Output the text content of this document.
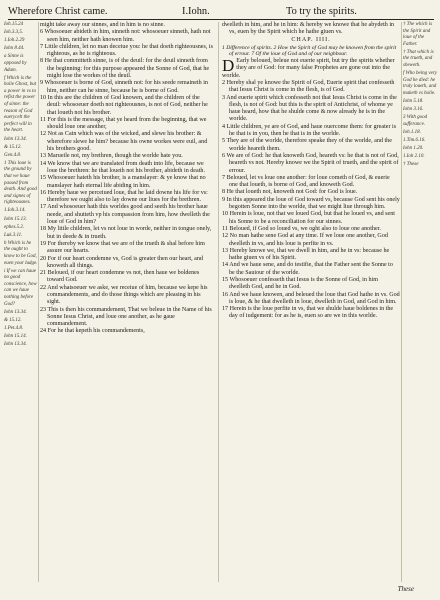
Wherefore Christ came.	I.Iohn.	To try the spirits.

Ioh.15.24

Ioh.3.3,5.

1.Ioh.2.29

Iohn 8.44.

a Sinne is opposed by Adam.

f Which is the holie Ghost, but a power in vs to refist the power of sinne: the reason of God euerycelt the perfect will in the heart.

Iohn 13.34.

& 15.12.

Gen.4.8.

1 This loue is the ground by that we haue passed from death. And good and signes of righteousnes.

1.Ioh.3.14.

Iohn 15.13.

ephes.5.2.

Luk.3.11.

h Which is he the ought to know to be God, euen your ludge.

i If we can haue no good conscience, how can we haue nothing before God?

Iohn 13.34.

& 15.12.

1.Pet.4.8.

Iohn 15.14.

Iohn 13.34.

might take away our sinnes, and in him is no sinne.

6 Whosoeuer abideth in him, sinneth not: whosoeuer sinneth, hath not seen him, neither hath knowen him.

7 Little children, let no man deceiue you: he that doeth righteousnes, is righteous, as he is righteous.

8 He that committeth sinne, is of the deuil: for the deuil sinneth from the beginning: for this purpose appeared the Sonne of God, that he might lose the workes of the deuil.

9 Whosoeuer is borne of God, sinneth not: for his seede remaineth in him, neither can he sinne, because he is borne of God.

10 In this are the children of God knowen, and the children of the deuil: whosoeuer doeth not righteousnes, is not of God, neither he that loueth not his brother.

11 For this is the message, that ye heard from the beginning, that we should loue one another,

12 Not as Cain which was of the wicked, and slewe his brother: & wherefore slewe he him? because his owne workes were euil, and his brothers good.

13 Marueile not, my brethren, though the worlde hate you.

14 We know that we are translated from death into life, because we loue the brethren: he that loueth not his brother, abideth in death.

15 Whosoeuer hateth his brother, is a manslayer: & ye know that no manslayer hath eternal life abiding in him.

16 Hereby haue we perceiued loue, that he laid downe his life for vs: therefore we ought also to lay downe our liues for the brethren.

17 And whosoeuer hath this worldes good and seeth his brother haue neede, and shutteth vp his compassion from him, how dwelleth the loue of God in him?

18 My little children, let vs not loue in worde, neither in tongue onely, but in deede & in trueth.

19 For thereby we know that we are of the trueth & shal before him assure our hearts.

20 For if our heart condemne vs, God is greater then our heart, and knoweth all things.

21 Beloued, if our heart condemne vs not, then haue we boldenes toward God.

22 And whatsoeuer we aske, we receiue of him, because we kepe his commandements, and do those things which are pleasing in his sight.

23 This is then his commandement, That we beleue in the Name of his Sonne Iesus Christ, and loue one another, as he gaue commandement.

24 For he that kepeth his commandements,

dwelleth in him, and he in him: & hereby we knowe that he abydeth in vs, euen by the Spirit which he hathe giuen vs.

CHAP. IIII.

1 Difference of spirits. 2 How the Spirit of God may be knowen from the spirit of errour. 7 Of the loue of God and of our neighbour.

D Early beloued, beleue not euerie spirit, but try the spirits whether they are of God: for many false Prophetes are gone out into the worlde.

2 Hereby shal ye knowe the Spirit of God, Euerie spirit that confesseth that Iesus Christ is come in the flesh, is of God.

3 And euerie spirit which confesseth not that Iesus Christ is come in the flesh, is not of God: but this is the spirit of Antichrist, of whome ye haue heard, how that he shulde come & now already he is in the worlde.

4 Little children, ye are of God, and haue ouercome them: for greater is he that is in you, then he that is in the worlde.

5 They are of the worlde, therefore speake they of the worlde, and the worlde heareth them.

6 We are of God: he that knoweth God, heareth vs: he that is not of God, heareth vs not. Hereby knowe we the Spirit of trueth, and the spirit of errour.

7 Beloued, let vs loue one another: for loue cometh of God, & euerie one that loueth, is borne of God, and knoweth God.

8 He that loueth not, knoweth not God: for God is loue.

9 In this appeared the loue of God toward vs, because God sent his onely begotten Sonne into the worlde, that we might liue through him.

10 Herein is loue, not that we loued God, but that he loued vs, and sent his Sonne to be a reconciliation for our sinnes.

11 Beloued, if God so loued vs, we oght also to loue one another.

12 No man hathe sene God at any time. If we loue one another, God dwelleth in vs, and his loue is perfite in vs.

13 Hereby knowe we, that we dwell in him, and he in vs: because he hathe giuen vs of his Spirit.

14 And we haue sene, and do testifie, that the Father sent the Sonne to be the Sauiour of the worlde.

15 Whosoeuer confesseth that Iesus is the Sonne of God, in him dwelleth God, and he in God.

16 And we haue knowen, and beleued the loue that God hathe in vs. God is loue, & he that dwelleth in loue, dwelleth in God, and God in him.

17 Herein is the loue perfite in vs, that we shulde haue boldenes in the day of iudgement: for as he is, euen so are we in this worlde.

† The which is the Spirit and loue of the Father.

† That which is the trueth, and sheweth.

f Who being very God he died: he truly loueth, and maketh vs holie.

Iohn 5.18.

Iohn 3.16.

3 With good sufferance.

Ioh.1.18.

1.Tim.6.16.

Iohn 1.20.

1.Ioh 2.10.

† These

These
